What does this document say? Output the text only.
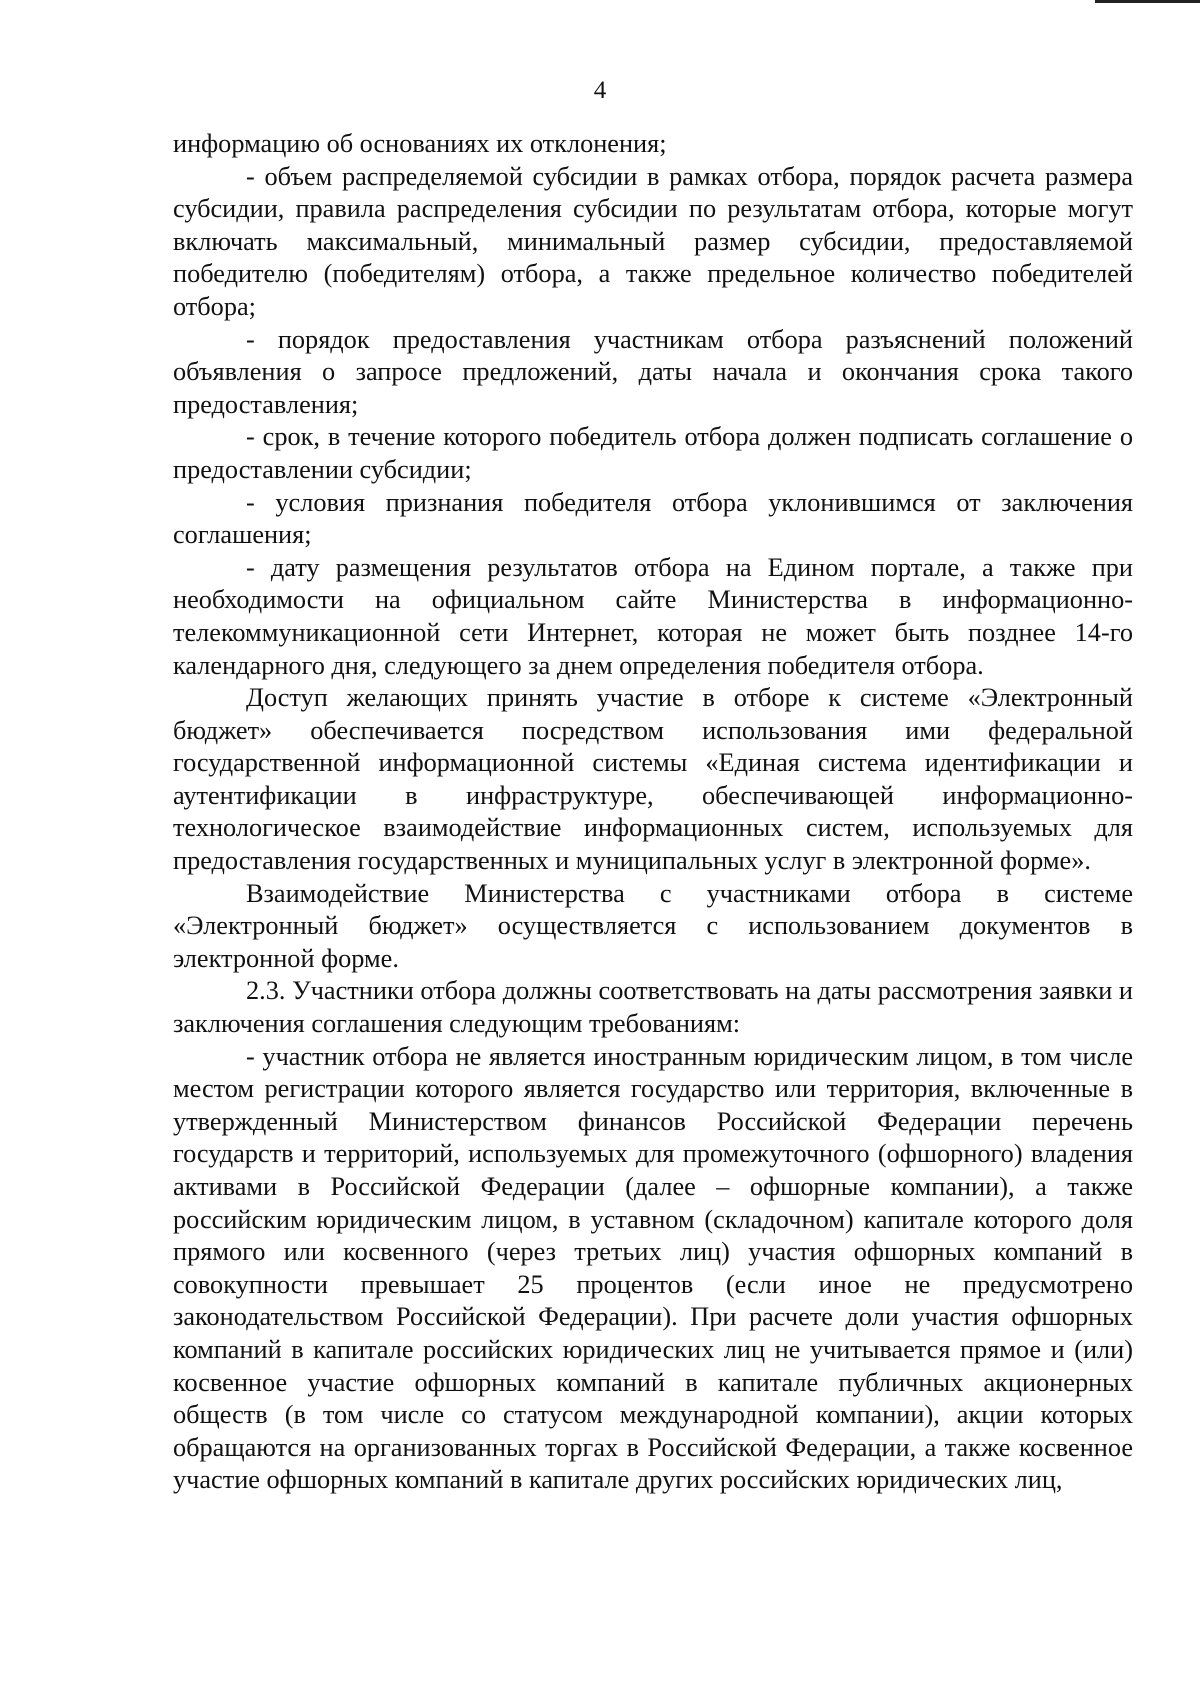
4

информацию об основаниях их отклонения;

- объем распределяемой субсидии в рамках отбора, порядок расчета размера субсидии, правила распределения субсидии по результатам отбора, которые могут включать максимальный, минимальный размер субсидии, предоставляемой победителю (победителям) отбора, а также предельное количество победителей отбора;

- порядок предоставления участникам отбора разъяснений положений объявления о запросе предложений, даты начала и окончания срока такого предоставления;

- срок, в течение которого победитель отбора должен подписать соглашение о предоставлении субсидии;

- условия признания победителя отбора уклонившимся от заключения соглашения;

- дату размещения результатов отбора на Едином портале, а также при необходимости на официальном сайте Министерства в информационно-телекоммуникационной сети Интернет, которая не может быть позднее 14-го календарного дня, следующего за днем определения победителя отбора.

Доступ желающих принять участие в отборе к системе «Электронный бюджет» обеспечивается посредством использования ими федеральной государственной информационной системы «Единая система идентификации и аутентификации в инфраструктуре, обеспечивающей информационно-технологическое взаимодействие информационных систем, используемых для предоставления государственных и муниципальных услуг в электронной форме».

Взаимодействие Министерства с участниками отбора в системе «Электронный бюджет» осуществляется с использованием документов в электронной форме.

2.3. Участники отбора должны соответствовать на даты рассмотрения заявки и заключения соглашения следующим требованиям:

- участник отбора не является иностранным юридическим лицом, в том числе местом регистрации которого является государство или территория, включенные в утвержденный Министерством финансов Российской Федерации перечень государств и территорий, используемых для промежуточного (офшорного) владения активами в Российской Федерации (далее – офшорные компании), а также российским юридическим лицом, в уставном (складочном) капитале которого доля прямого или косвенного (через третьих лиц) участия офшорных компаний в совокупности превышает 25 процентов (если иное не предусмотрено законодательством Российской Федерации). При расчете доли участия офшорных компаний в капитале российских юридических лиц не учитывается прямое и (или) косвенное участие офшорных компаний в капитале публичных акционерных обществ (в том числе со статусом международной компании), акции которых обращаются на организованных торгах в Российской Федерации, а также косвенное участие офшорных компаний в капитале других российских юридических лиц,
